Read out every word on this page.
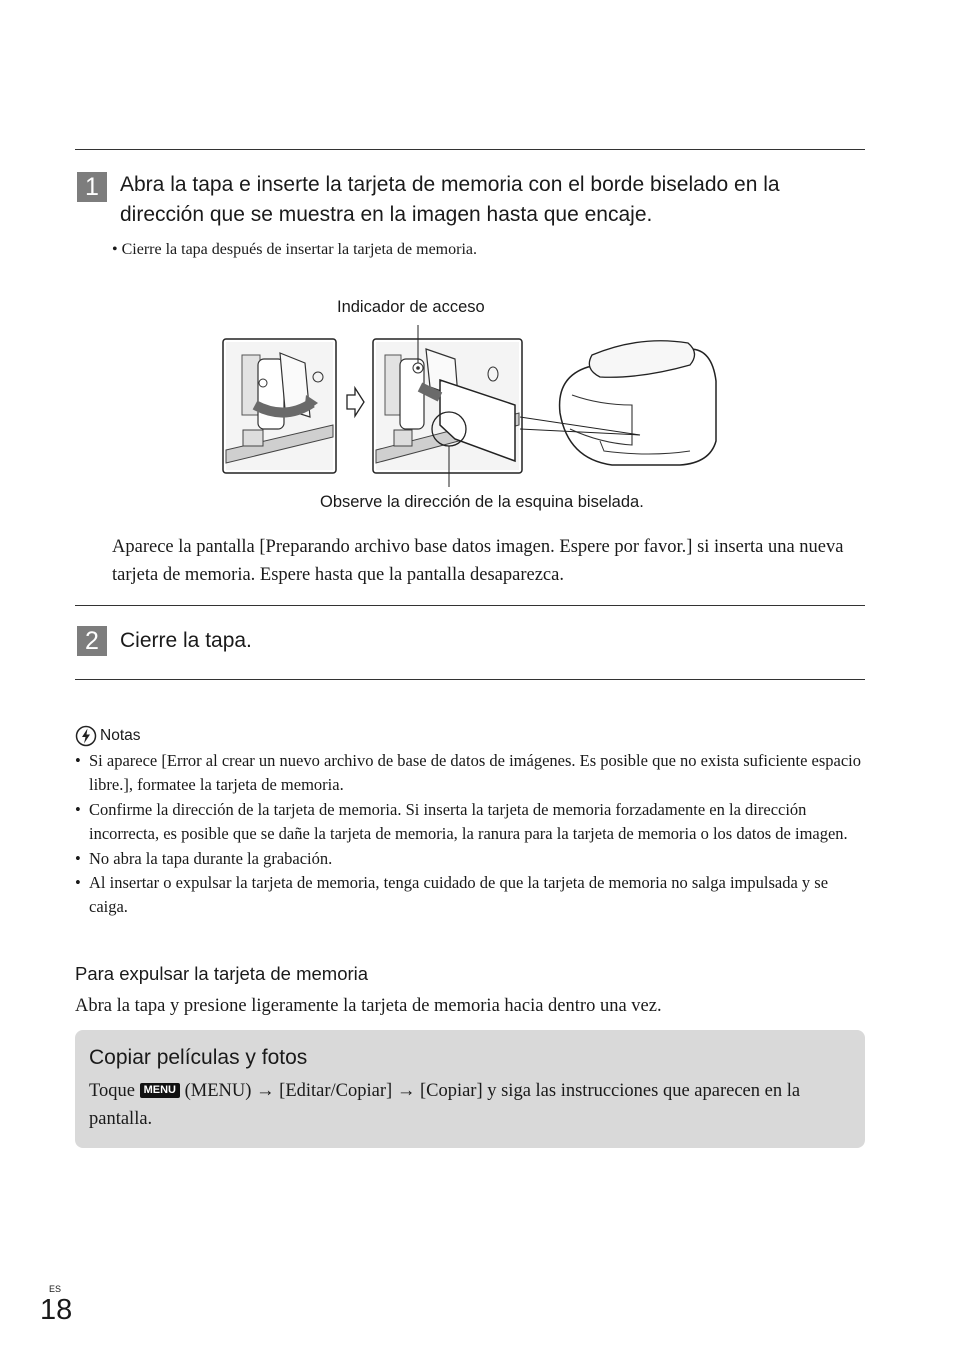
1	Abra la tapa e inserte la tarjeta de memoria con el borde biselado en la
dirección que se muestra en la imagen hasta que encaje.
• Cierre la tapa después de insertar la tarjeta de memoria.
Indicador de acceso
Observe la dirección de la esquina biselada.
Aparece la pantalla [Preparando archivo base datos imagen. Espere por favor.] si inserta una nueva tarjeta de memoria. Espere hasta que la pantalla desaparezca.
2	Cierre la tapa.
Notas
• Si aparece [Error al crear un nuevo archivo de base de datos de imágenes. Es posible que no exista suficiente espacio libre.], formatee la tarjeta de memoria.
• Confirme la dirección de la tarjeta de memoria. Si inserta la tarjeta de memoria forzadamente en la dirección incorrecta, es posible que se dañe la tarjeta de memoria, la ranura para la tarjeta de memoria o los datos de imagen.
• No abra la tapa durante la grabación.
• Al insertar o expulsar la tarjeta de memoria, tenga cuidado de que la tarjeta de memoria no salga impulsada y se caiga.
Para expulsar la tarjeta de memoria
Abra la tapa y presione ligeramente la tarjeta de memoria hacia dentro una vez.
Copiar películas y fotos
Toque MENU (MENU) → [Editar/Copiar] → [Copiar] y siga las instrucciones que aparecen en la pantalla.
ES
18
